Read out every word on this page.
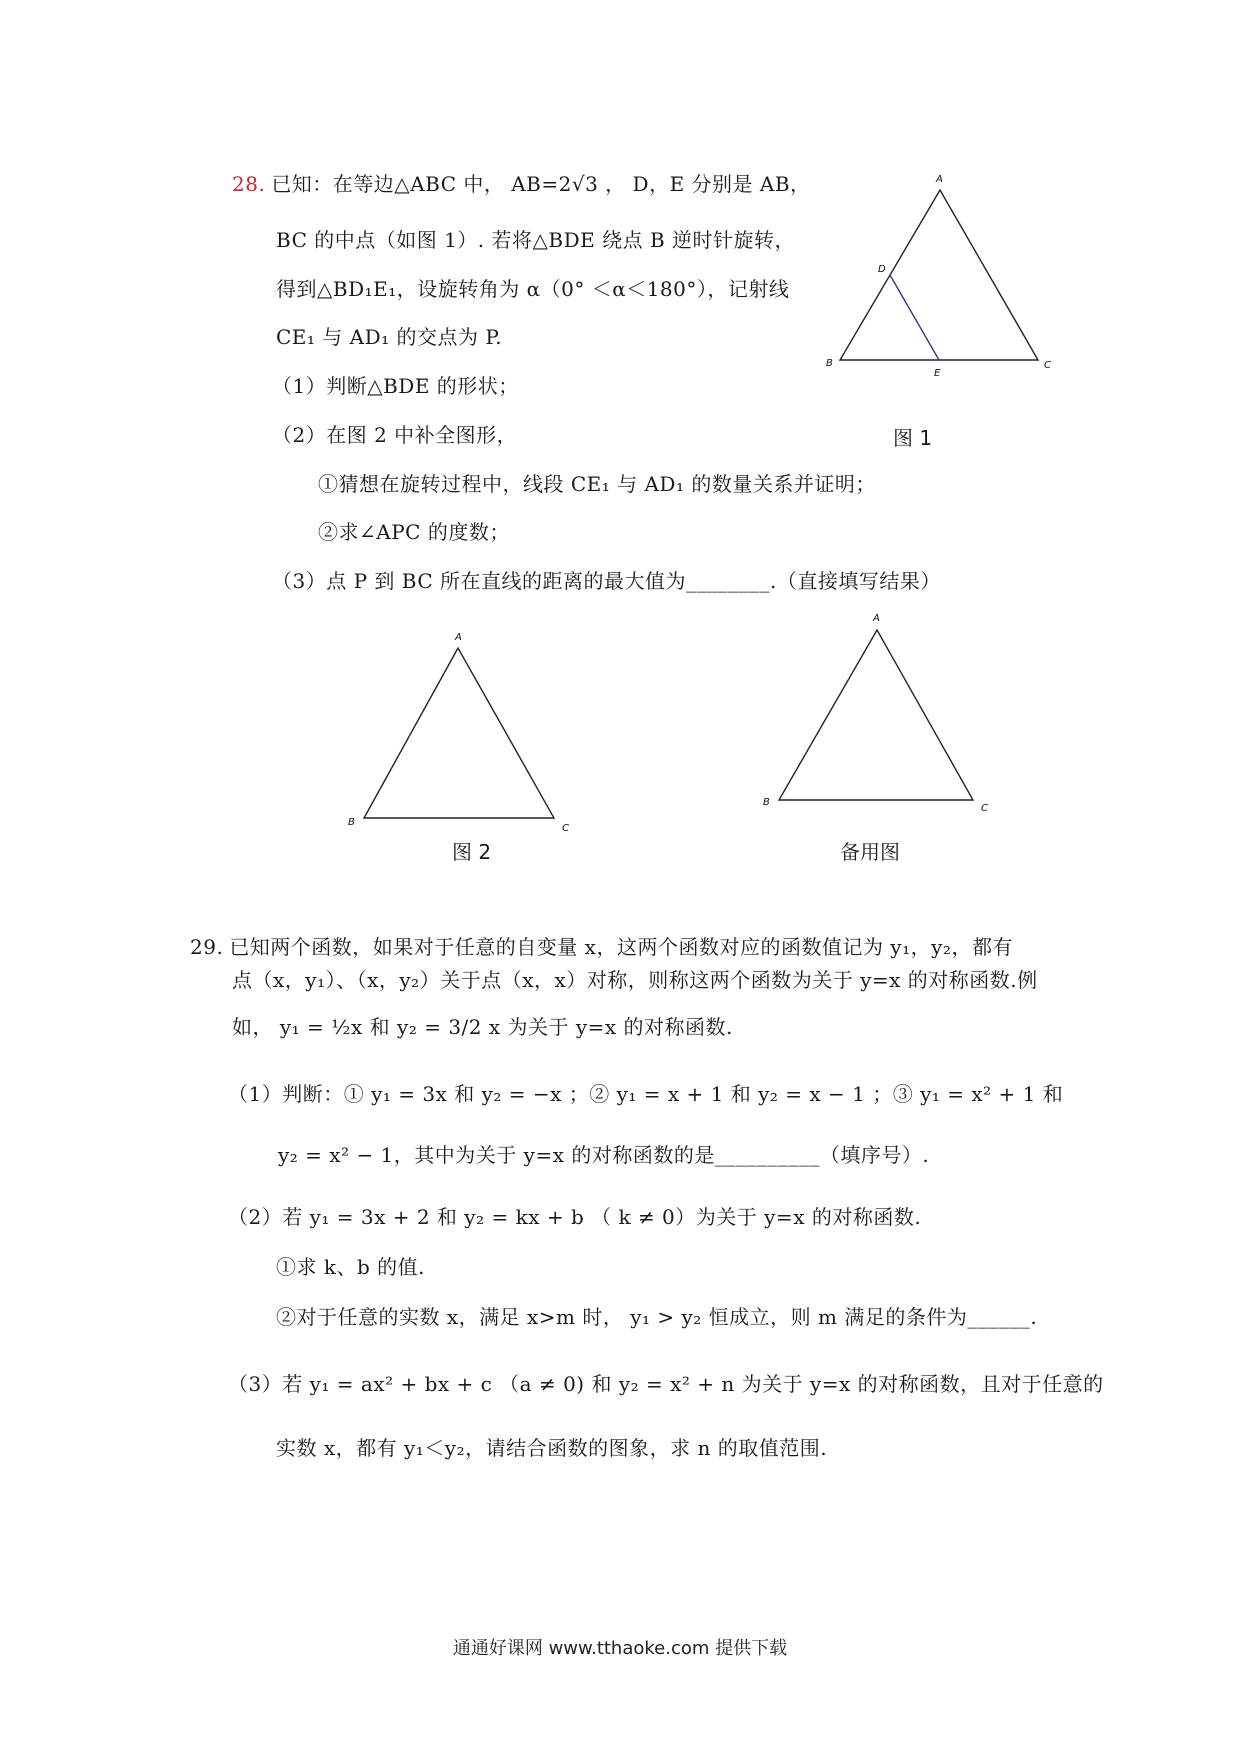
28. 已知：在等边△ABC 中， AB=2√3 ， D，E 分别是 AB，
BC 的中点（如图 1）. 若将△BDE 绕点 B 逆时针旋转，
得到△BD₁E₁，设旋转角为 α（0° ＜α＜180°），记射线
CE₁ 与 AD₁ 的交点为 P.
（1）判断△BDE 的形状；
（2）在图 2 中补全图形，
①猜想在旋转过程中，线段 CE₁ 与 AD₁ 的数量关系并证明；
②求∠APC 的度数；
（3）点 P 到 BC 所在直线的距离的最大值为________.（直接填写结果）
A
B	C
D
E
图 1
A
B
C
图 2
A
B
C
备用图
29. 已知两个函数，如果对于任意的自变量 x，这两个函数对应的函数值记为 y₁，y₂，都有
点（x，y₁）、（x，y₂）关于点（x，x）对称，则称这两个函数为关于 y=x 的对称函数.例
如， y₁ = ½x 和 y₂ = 3/2 x 为关于 y=x 的对称函数.
（1）判断：① y₁ = 3x 和 y₂ = −x ；② y₁ = x + 1 和 y₂ = x − 1 ；③ y₁ = x² + 1 和
y₂ = x² − 1，其中为关于 y=x 的对称函数的是__________（填序号）.
（2）若 y₁ = 3x + 2 和 y₂ = kx + b （ k ≠ 0）为关于 y=x 的对称函数.
①求 k、b 的值.
②对于任意的实数 x，满足 x>m 时， y₁ > y₂ 恒成立，则 m 满足的条件为______.
（3）若 y₁ = ax² + bx + c （a ≠ 0) 和 y₂ = x² + n 为关于 y=x 的对称函数，且对于任意的
实数 x，都有 y₁＜y₂，请结合函数的图象，求 n 的取值范围.
通通好课网 www.tthaoke.com 提供下载
